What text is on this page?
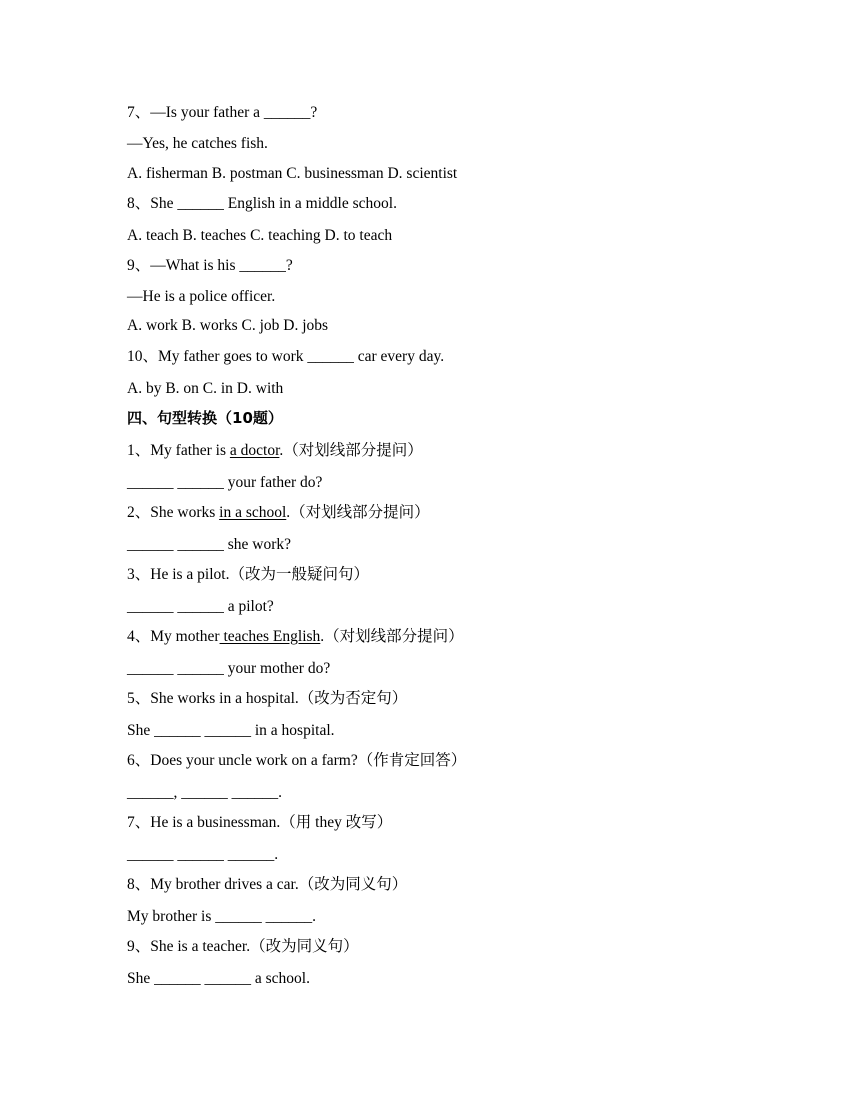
7、—Is your father a ______?
—Yes, he catches fish.
A. fisherman B. postman C. businessman D. scientist
8、She ______ English in a middle school.
A. teach B. teaches C. teaching D. to teach
9、—What is his ______?
—He is a police officer.
A. work B. works C. job D. jobs
10、My father goes to work ______ car every day.
A. by B. on C. in D. with
四、句型转换（10题）
1、My father is a doctor.（对划线部分提问）
______ ______ your father do?
2、She works in a school.（对划线部分提问）
______ ______ she work?
3、He is a pilot.（改为一般疑问句）
______ ______ a pilot?
4、My mother teaches English.（对划线部分提问）
______ ______ your mother do?
5、She works in a hospital.（改为否定句）
She ______ ______ in a hospital.
6、Does your uncle work on a farm?（作肯定回答）
______, ______ ______.
7、He is a businessman.（用 they 改写）
______ ______ ______.
8、My brother drives a car.（改为同义句）
My brother is ______ ______.
9、She is a teacher.（改为同义句）
She ______ ______ a school.
